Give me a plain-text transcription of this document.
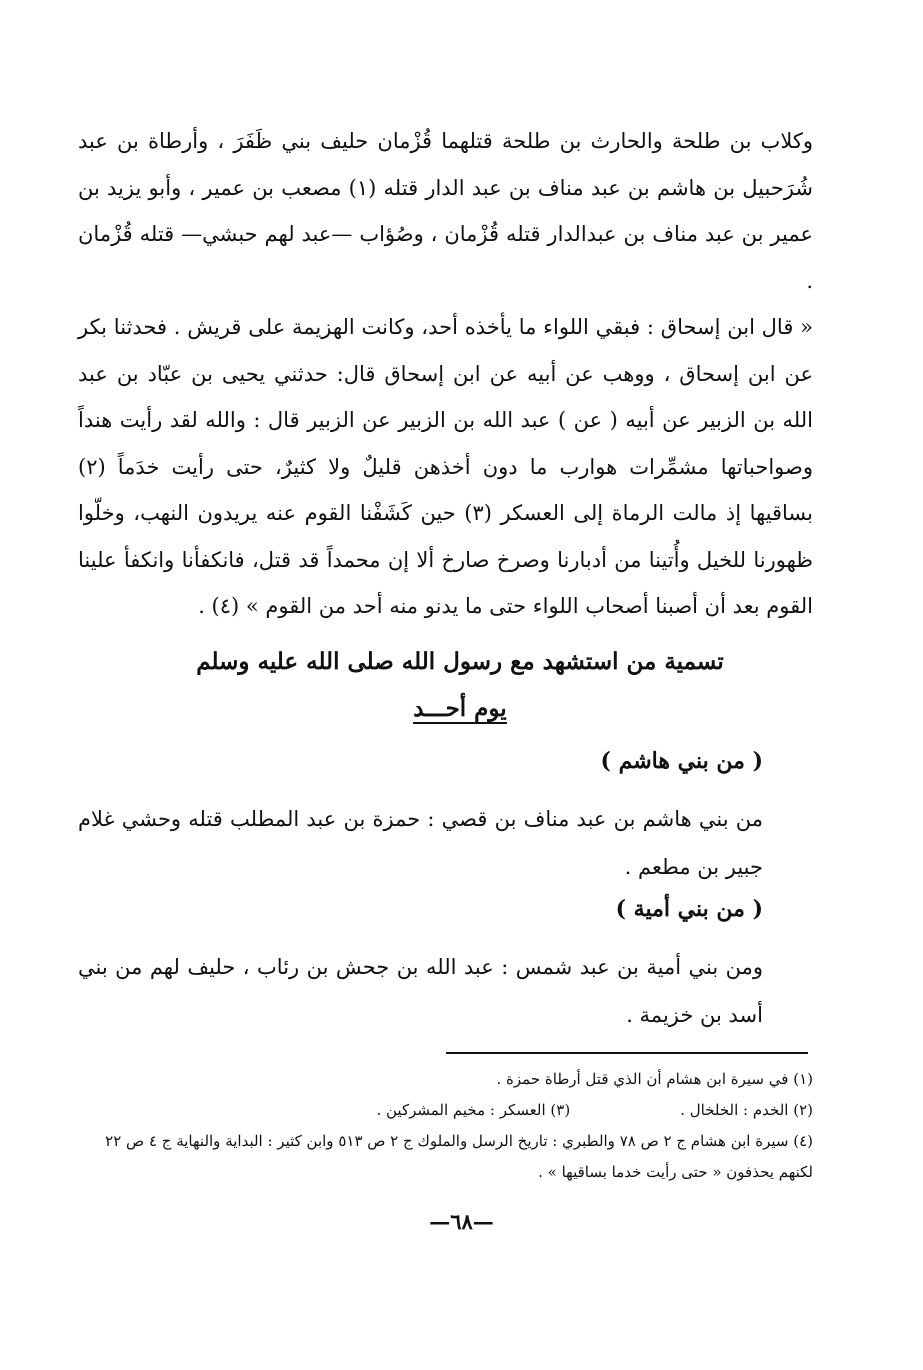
وكلاب بن طلحة والحارث بن طلحة قتلهما قُزْمان حليف بني ظَفَرَ ، وأرطاة بن عبد شُرَحبيل بن هاشم بن عبد مناف بن عبد الدار قتله (١) مصعب بن عمير ، وأبو يزيد بن عمير بن عبد مناف بن عبدالدار قتله قُزْمان ، وصُؤاب —عبد لهم حبشي— قتله قُزْمان .

« قال ابن إسحاق : فبقي اللواء ما يأخذه أحد، وكانت الهزيمة على قريش . فحدثنا بكر عن ابن إسحاق ، ووهب عن أبيه عن ابن إسحاق قال: حدثني يحيى بن عبّاد بن عبد الله بن الزبير عن أبيه ( عن ) عبد الله بن الزبير عن الزبير قال : والله لقد رأيت هنداً وصواحباتها مشمِّرات هوارب ما دون أخذهن قليلٌ ولا كثيرٌ، حتى رأيت خدَماً (٢) بساقيها إذ مالت الرماة إلى العسكر (٣) حين كَشَفْنا القوم عنه يريدون النهب، وخلّوا ظهورنا للخيل وأُتينا من أدبارنا وصرخ صارخ ألا إن محمداً قد قتل، فانكفأنا وانكفأ علينا القوم بعد أن أصبنا أصحاب اللواء حتى ما يدنو منه أحد من القوم » (٤) .

تسمية من استشهد مع رسول الله صلى الله عليه وسلم
يوم أحـــد
( من بني هاشم )
من بني هاشم بن عبد مناف بن قصي : حمزة بن عبد المطلب قتله وحشي غلام جبير بن مطعم .
( من بني أمية )
ومن بني أمية بن عبد شمس : عبد الله بن جحش بن رئاب ، حليف لهم من بني أسد بن خزيمة .
(١) في سيرة ابن هشام أن الذي قتل أرطاة حمزة .
(٢) الخدم : الخلخال .
(٣) العسكر : مخيم المشركين .
(٤) سيرة ابن هشام ج ٢ ص ٧٨ والطبري : تاريخ الرسل والملوك ج ٢ ص ٥١٣ وابن كثير : البداية والنهاية ج ٤ ص ٢٢ لكنهم يحذفون « حتى رأيت خدما بساقيها » .
—٦٨—
